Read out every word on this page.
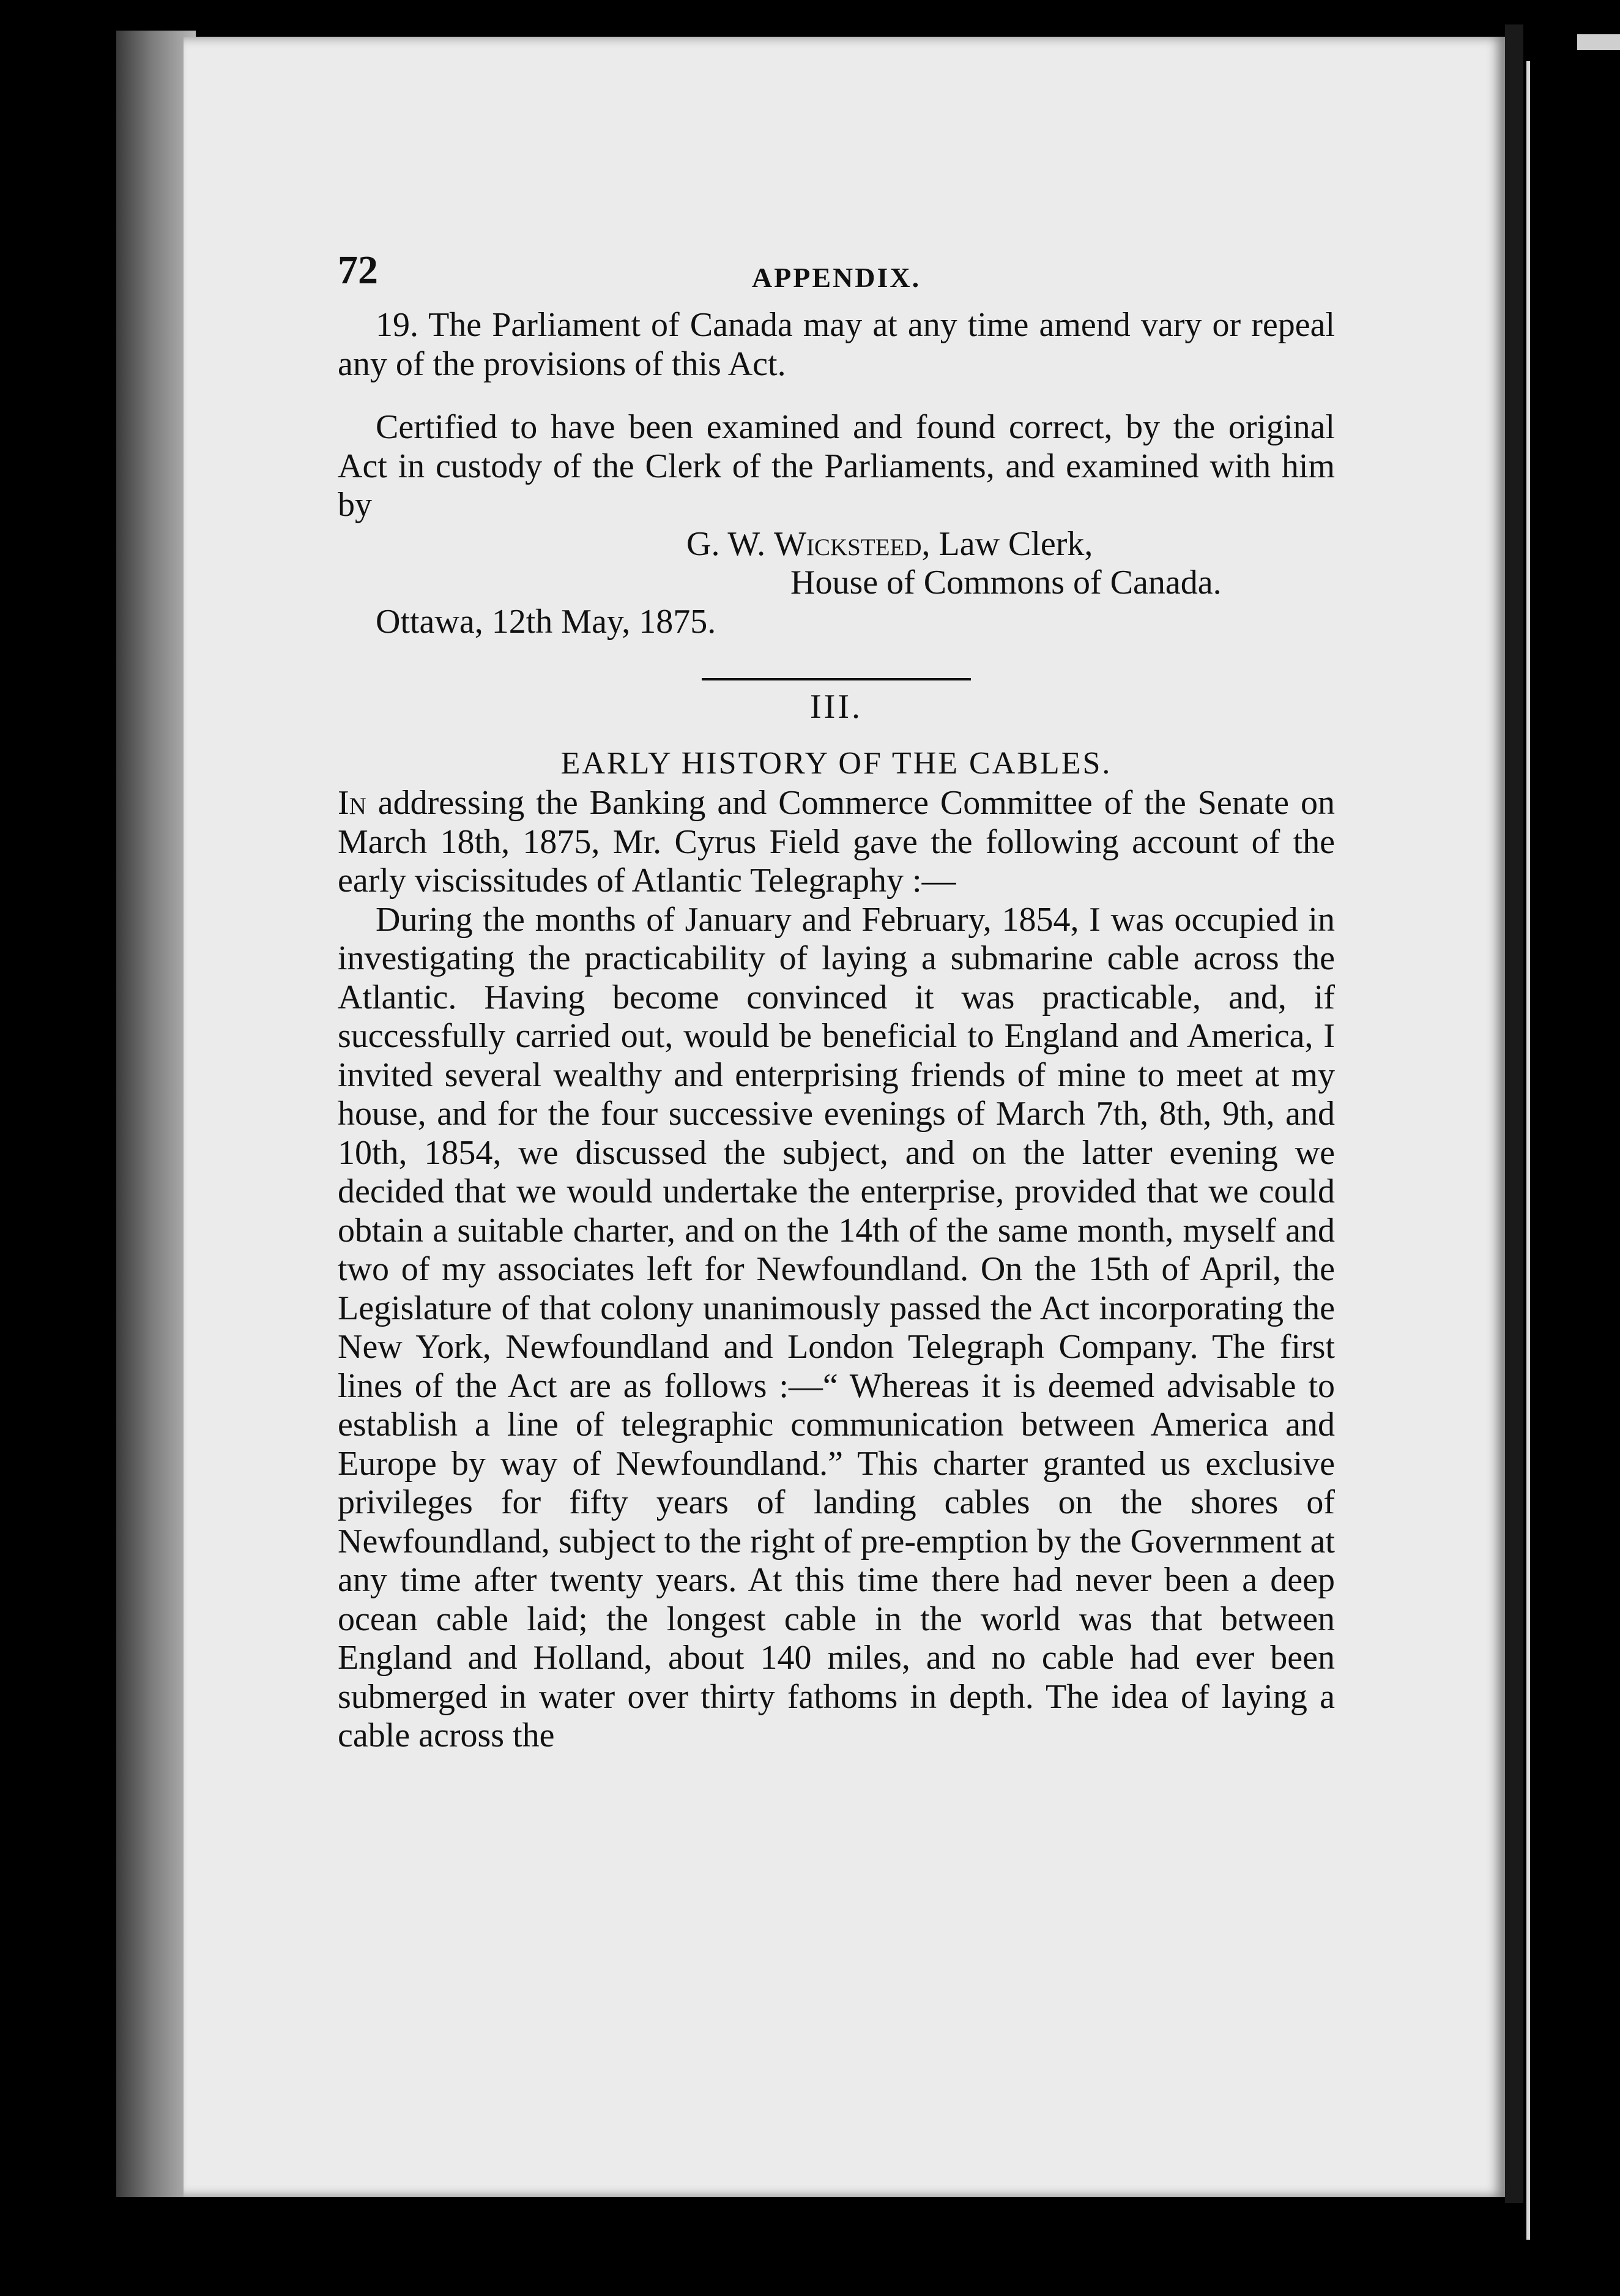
72	APPENDIX.

19. The Parliament of Canada may at any time amend vary or repeal any of the provisions of this Act.

Certified to have been examined and found correct, by the original Act in custody of the Clerk of the Parliaments, and examined with him by

G. W. Wicksteed, Law Clerk,
House of Commons of Canada.
Ottawa, 12th May, 1875.
III.
EARLY HISTORY OF THE CABLES.

In addressing the Banking and Commerce Committee of the Senate on March 18th, 1875, Mr. Cyrus Field gave the following account of the early viscissitudes of Atlantic Telegraphy :—

During the months of January and February, 1854, I was occupied in investigating the practicability of laying a submarine cable across the Atlantic. Having become convinced it was practicable, and, if successfully carried out, would be beneficial to England and America, I invited several wealthy and enterprising friends of mine to meet at my house, and for the four successive evenings of March 7th, 8th, 9th, and 10th, 1854, we discussed the subject, and on the latter evening we decided that we would undertake the enterprise, provided that we could obtain a suitable charter, and on the 14th of the same month, myself and two of my associates left for Newfoundland. On the 15th of April, the Legislature of that colony unanimously passed the Act incorporating the New York, Newfoundland and London Telegraph Company. The first lines of the Act are as follows :—“ Whereas it is deemed advisable to establish a line of telegraphic communication between America and Europe by way of Newfoundland.” This charter granted us exclusive privileges for fifty years of landing cables on the shores of Newfoundland, subject to the right of pre-emption by the Government at any time after twenty years. At this time there had never been a deep ocean cable laid; the longest cable in the world was that between England and Holland, about 140 miles, and no cable had ever been submerged in water over thirty fathoms in depth. The idea of laying a cable across the
